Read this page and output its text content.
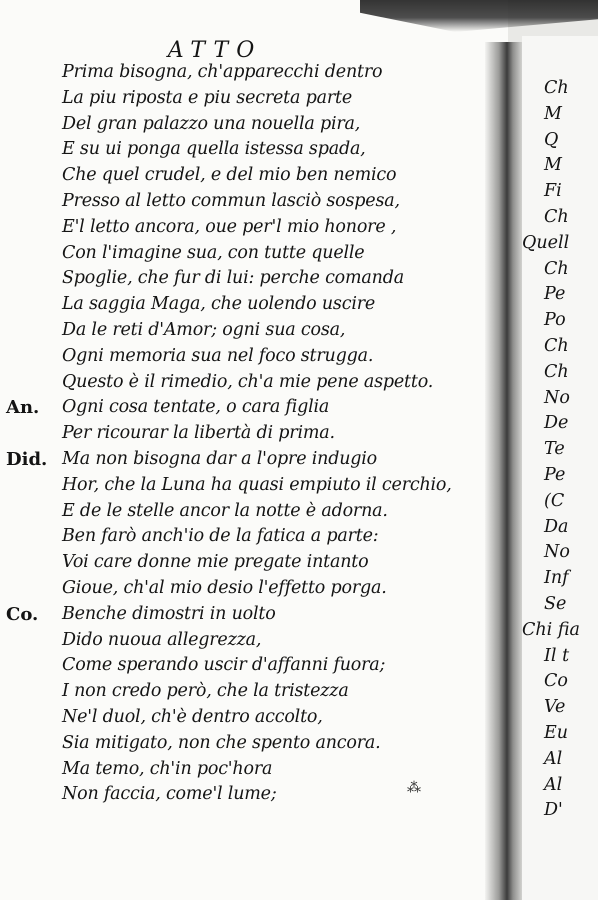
ATTO
Prima bisogna, ch'apparecchi dentro
La piu riposta e piu secreta parte
Del gran palazzo una nouella pira,
E su ui ponga quella istessa spada,
Che quel crudel, e del mio ben nemico
Presso al letto commun lasciò sospesa,
E'l letto ancora, oue per'l mio honore ,
Con l'imagine sua, con tutte quelle
Spoglie, che fur di lui: perche comanda
La saggia Maga, che uolendo uscire
Da le reti d'Amor; ogni sua cosa,
Ogni memoria sua nel foco strugga.
Questo è il rimedio, ch'a mie pene aspetto.
An. Ogni cosa tentate, o cara figlia
Per ricourar la libertà di prima.
Did. Ma non bisogna dar a l'opre indugio
Hor, che la Luna ha quasi empiuto il cerchio,
E de le stelle ancor la notte è adorna.
Ben farò anch'io de la fatica a parte:
Voi care donne mie pregate intanto
Gioue, ch'al mio desio l'effetto porga.
Co. Benche dimostri in uolto
Dido nuoua allegrezza,
Come sperando uscir d'affanni fuora;
I non credo però, che la tristezza
Ne'l duol, ch'è dentro accolto,
Sia mitigato, non che spento ancora.
Ma temo, ch'in poc'hora
Non faccia, come'l lume;	⁂
Ch
M
Q
M
Fi
Ch
Quell
Ch
Pe
Po
Ch
Ch
No
De
Te
Pe
(C
Da
No
Inf
Se
Chi fia
Il t
Co
Ve
Eu
Al
Al
D'
